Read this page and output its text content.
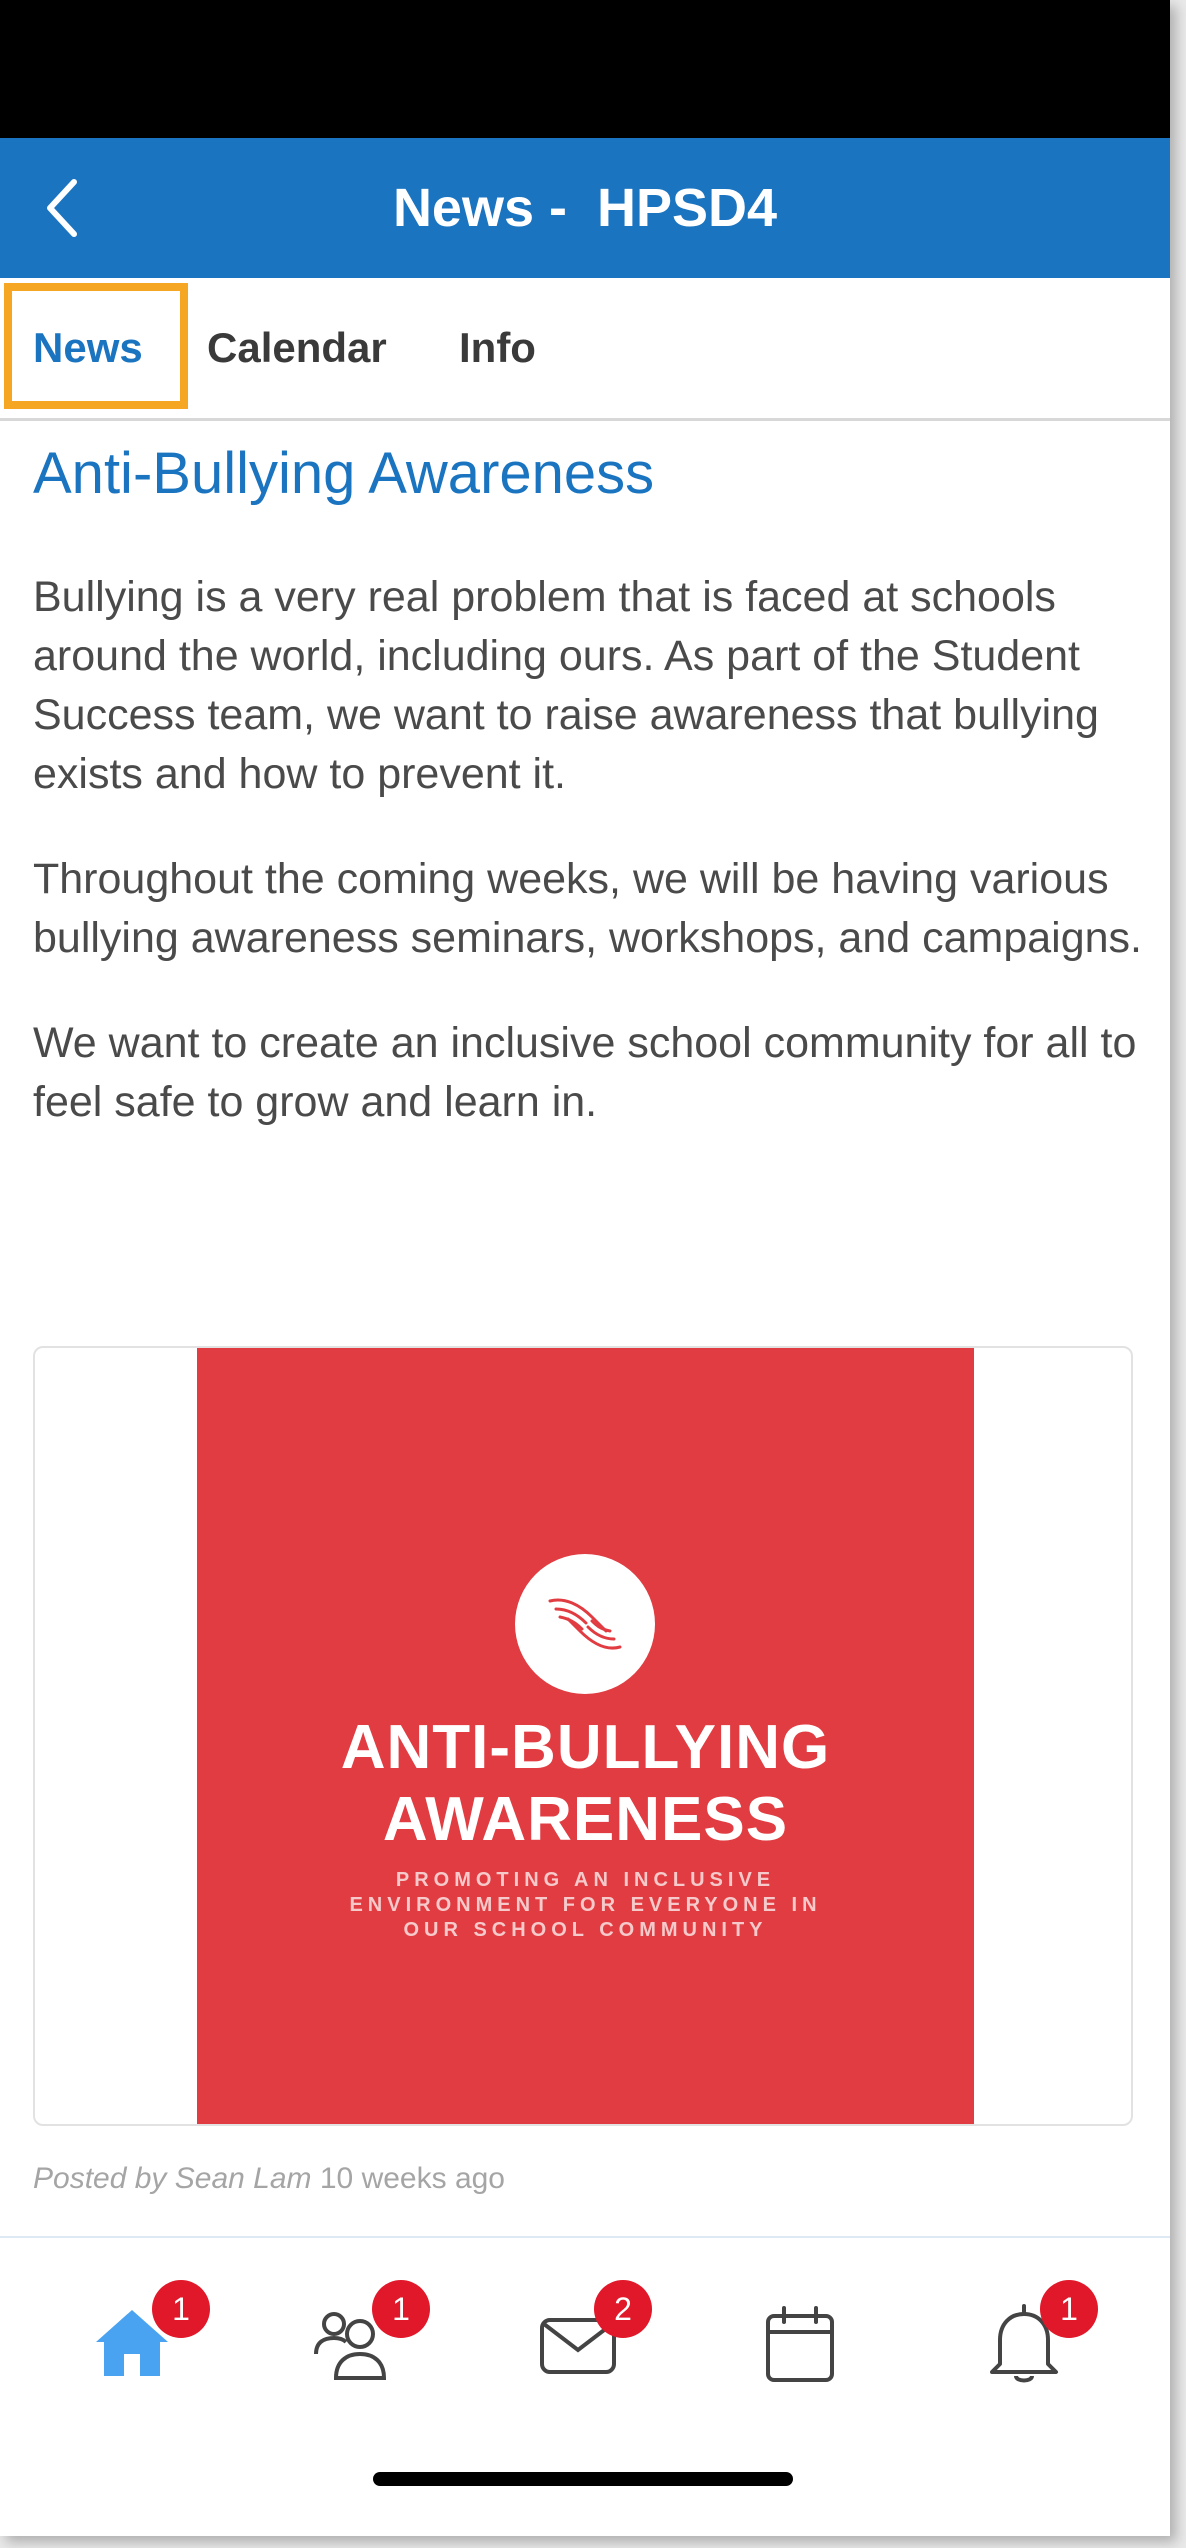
News -  HPSD4
News Calendar Info
Anti-Bullying Awareness

Bullying is a very real problem that is faced at schools around the world, including ours. As part of the Student Success team, we want to raise awareness that bullying exists and how to prevent it.

Throughout the coming weeks, we will be having various bullying awareness seminars, workshops, and campaigns.

We want to create an inclusive school community for all to feel safe to grow and learn in.

ANTI-BULLYING
AWARENESS
PROMOTING AN INCLUSIVE
ENVIRONMENT FOR EVERYONE IN
OUR SCHOOL COMMUNITY
Posted by Sean Lam 10 weeks ago
1	1	2	1
